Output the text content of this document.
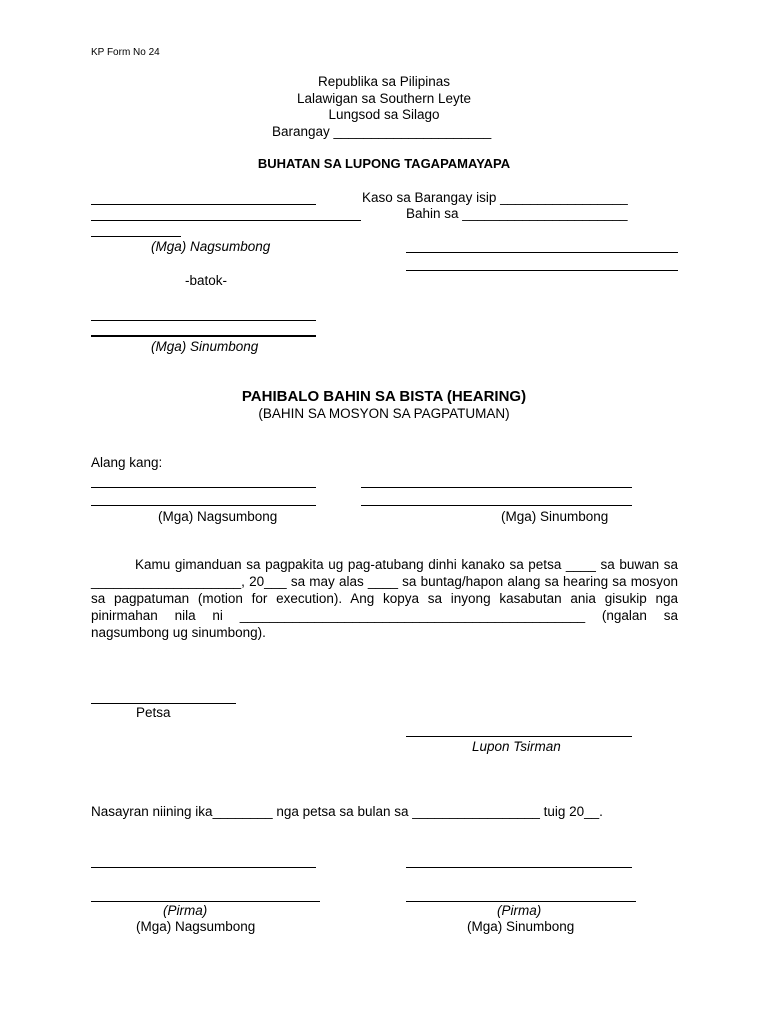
KP Form No 24
Republika sa Pilipinas
Lalawigan sa Southern Leyte
Lungsod sa Silago
Barangay _____________________
BUHATAN SA LUPONG TAGAPAMAYAPA
(Mga) Nagsumbong
-batok-
(Mga) Sinumbong
Kaso sa Barangay isip _________________
Bahin sa ______________________
PAHIBALO BAHIN SA BISTA (HEARING)
(BAHIN SA MOSYON SA PAGPATUMAN)
Alang kang:
(Mga) Nagsumbong	(Mga) Sinumbong
Kamu gimanduan sa pagpakita ug pag-atubang dinhi kanako sa petsa ____ sa buwan sa ____________________, 20___ sa may alas ____ sa buntag/hapon alang sa hearing sa mosyon sa pagpatuman (motion for execution). Ang kopya sa inyong kasabutan ania gisukip nga pinirmahan nila ni ______________________________________________ (ngalan sa nagsumbong ug sinumbong).
Petsa
Lupon Tsirman
Nasayran niining ika________ nga petsa sa bulan sa _________________ tuig 20__.
(Pirma)
(Mga) Nagsumbong
(Pirma)
(Mga) Sinumbong
